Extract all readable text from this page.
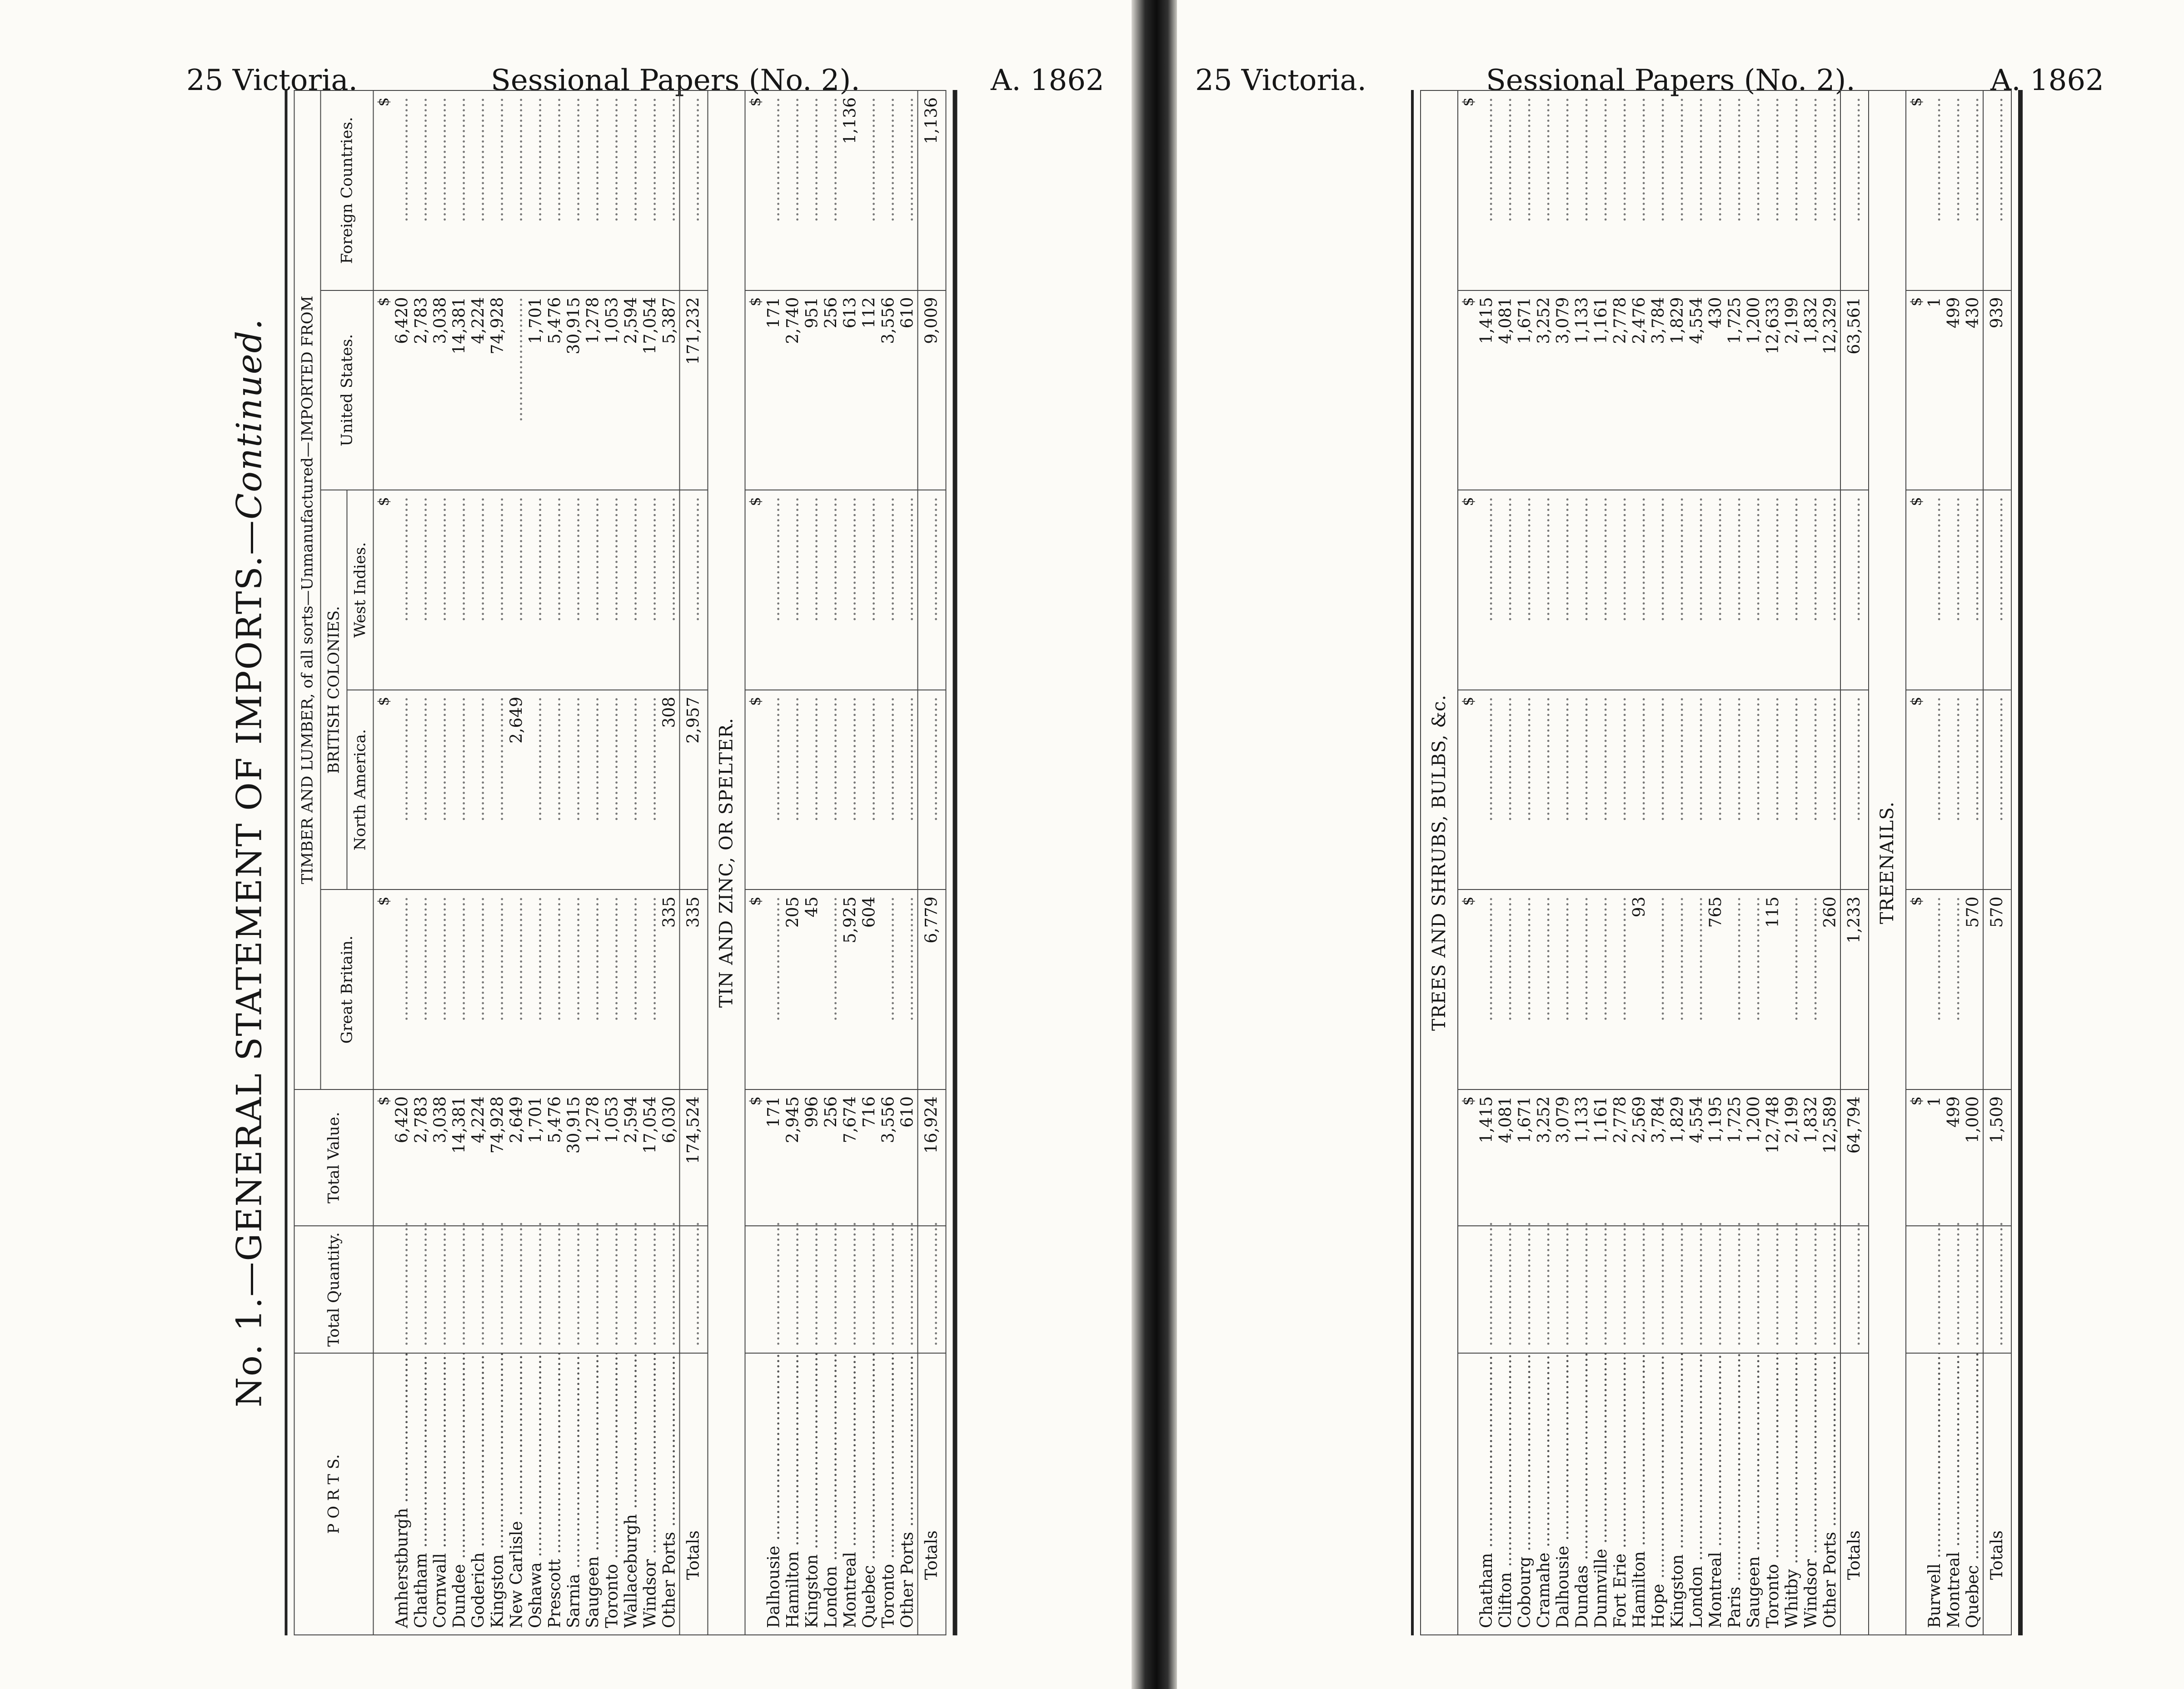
25 Victoria.	Sessional Papers (No. 2).	A. 1862
No. 1.—GENERAL STATEMENT OF IMPORTS.—Continued.
P O R T S.	Total Quantity.	Total Value.	TIMBER AND LUMBER, of all sorts—Unmanufactured—IMPORTED FROM				
			Great Britain.	BRITISH COLONIES.		United States.	Foreign Countries.
				North America.	West Indies.		
		$	$	$	$	$	$
Amherstburgh .....	.....	6,420	.....	.....	.....	6,420	.....
Chatham .....	.....	2,783	.....	.....	.....	2,783	.....
Cornwall .....	.....	3,038	.....	.....	.....	3,038	.....
Dundee .....	.....	14,381	.....	.....	.....	14,381	.....
Goderich .....	.....	4,224	.....	.....	.....	4,224	.....
Kingston .....	.....	74,928	.....	.....	.....	74,928	.....
New Carlisle .....	.....	2,649	.....	2,649	.....	.....	.....
Oshawa .....	.....	1,701	.....	.....	.....	1,701	.....
Prescott .....	.....	5,476	.....	.....	.....	5,476	.....
Sarnia .....	.....	30,915	.....	.....	.....	30,915	.....
Saugeen .....	.....	1,278	.....	.....	.....	1,278	.....
Toronto .....	.....	1,053	.....	.....	.....	1,053	.....
Wallaceburgh .....	.....	2,594	.....	.....	.....	2,594	.....
Windsor .....	.....	17,054	.....	.....	.....	17,054	.....
Other Ports .....	.....	6,030	335	308	.....	5,387	.....
Totals	.....	174,524	335	2,957	.....	171,232	.....
TIN AND ZINC, OR SPELTER.							
		$	$	$	$	$	$
Dalhousie .....	.....	171	.....	.....	.....	171	.....
Hamilton .....	.....	2,945	205	.....	.....	2,740	.....
Kingston .....	.....	996	45	.....	.....	951	.....
London .....	.....	256	.....	.....	.....	256	.....
Montreal .....	.....	7,674	5,925	.....	.....	613	1,136
Quebec .....	.....	716	604	.....	.....	112	.....
Toronto .....	.....	3,556	.....	.....	.....	3,556	.....
Other Ports .....	.....	610	.....	.....	.....	610	.....
Totals	.....	16,924	6,779	.....	.....	9,009	1,136
25 Victoria.	Sessional Papers (No. 2).	A. 1862
TREES AND SHRUBS, BULBS, &c.							
		$	$	$	$	$	$
Chatham .....	.....	1,415	.....	.....	.....	1,415	.....
Clifton .....	.....	4,081	.....	.....	.....	4,081	.....
Cobourg .....	.....	1,671	.....	.....	.....	1,671	.....
Cramahe .....	.....	3,252	.....	.....	.....	3,252	.....
Dalhousie .....	.....	3,079	.....	.....	.....	3,079	.....
Dundas .....	.....	1,133	.....	.....	.....	1,133	.....
Dunnville .....	.....	1,161	.....	.....	.....	1,161	.....
Fort Erie .....	.....	2,778	.....	.....	.....	2,778	.....
Hamilton .....	.....	2,569	93	.....	.....	2,476	.....
Hope .....	.....	3,784	.....	.....	.....	3,784	.....
Kingston .....	.....	1,829	.....	.....	.....	1,829	.....
London .....	.....	4,554	.....	.....	.....	4,554	.....
Montreal .....	.....	1,195	765	.....	.....	430	.....
Paris .....	.....	1,725	.....	.....	.....	1,725	.....
Saugeen .....	.....	1,200	.....	.....	.....	1,200	.....
Toronto .....	.....	12,748	115	.....	.....	12,633	.....
Whitby .....	.....	2,199	.....	.....	.....	2,199	.....
Windsor .....	.....	1,832	.....	.....	.....	1,832	.....
Other Ports .....	.....	12,589	260	.....	.....	12,329	.....
Totals	.....	64,794	1,233	.....	.....	63,561	.....
TREENAILS.							
		$	$	$	$	$	$
Burwell .....	.....	1	.....	.....	.....	1	.....
Montreal .....	.....	499	.....	.....	.....	499	.....
Quebec .....	.....	1,000	570	.....	.....	430	.....
Totals	.....	1,509	570	.....	.....	939	.....
